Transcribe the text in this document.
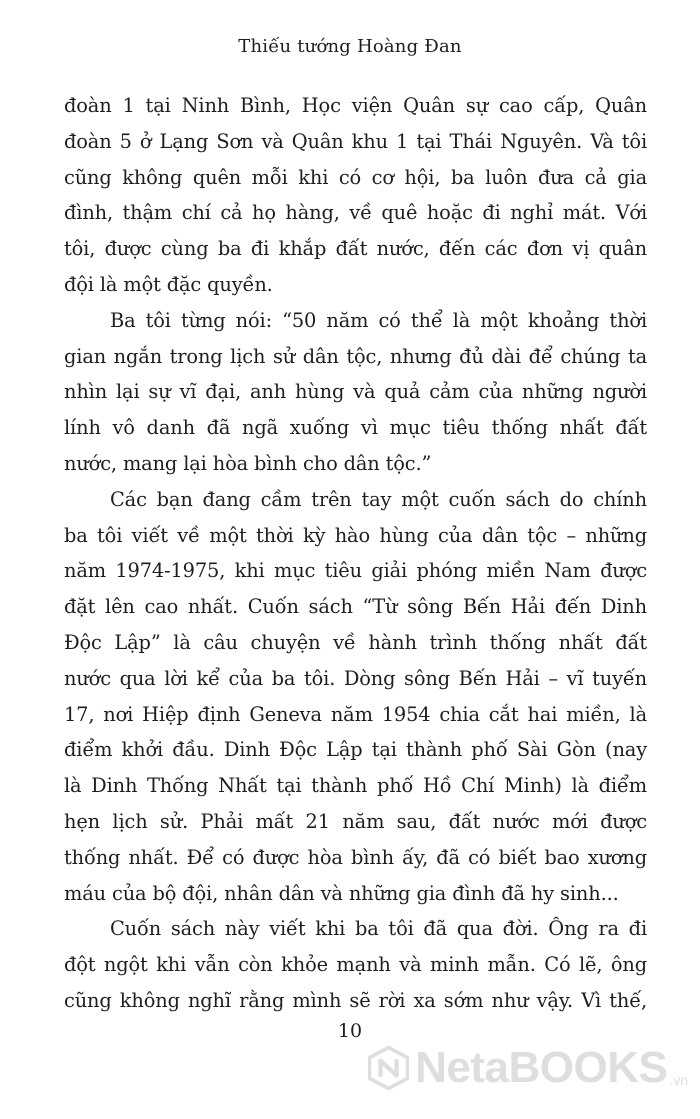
Thiếu tướng Hoàng Đan
đoàn 1 tại Ninh Bình, Học viện Quân sự cao cấp, Quân
đoàn 5 ở Lạng Sơn và Quân khu 1 tại Thái Nguyên. Và tôi
cũng không quên mỗi khi có cơ hội, ba luôn đưa cả gia
đình, thậm chí cả họ hàng, về quê hoặc đi nghỉ mát. Với
tôi, được cùng ba đi khắp đất nước, đến các đơn vị quân
đội là một đặc quyền.
Ba tôi từng nói: “50 năm có thể là một khoảng thời
gian ngắn trong lịch sử dân tộc, nhưng đủ dài để chúng ta
nhìn lại sự vĩ đại, anh hùng và quả cảm của những người
lính vô danh đã ngã xuống vì mục tiêu thống nhất đất
nước, mang lại hòa bình cho dân tộc.”
Các bạn đang cầm trên tay một cuốn sách do chính
ba tôi viết về một thời kỳ hào hùng của dân tộc – những
năm 1974-1975, khi mục tiêu giải phóng miền Nam được
đặt lên cao nhất. Cuốn sách “Từ sông Bến Hải đến Dinh
Độc Lập” là câu chuyện về hành trình thống nhất đất
nước qua lời kể của ba tôi. Dòng sông Bến Hải – vĩ tuyến
17, nơi Hiệp định Geneva năm 1954 chia cắt hai miền, là
điểm khởi đầu. Dinh Độc Lập tại thành phố Sài Gòn (nay
là Dinh Thống Nhất tại thành phố Hồ Chí Minh) là điểm
hẹn lịch sử. Phải mất 21 năm sau, đất nước mới được
thống nhất. Để có được hòa bình ấy, đã có biết bao xương
máu của bộ đội, nhân dân và những gia đình đã hy sinh...
Cuốn sách này viết khi ba tôi đã qua đời. Ông ra đi
đột ngột khi vẫn còn khỏe mạnh và minh mẫn. Có lẽ, ông
cũng không nghĩ rằng mình sẽ rời xa sớm như vậy. Vì thế,
10
NetaBOOKS .vn
